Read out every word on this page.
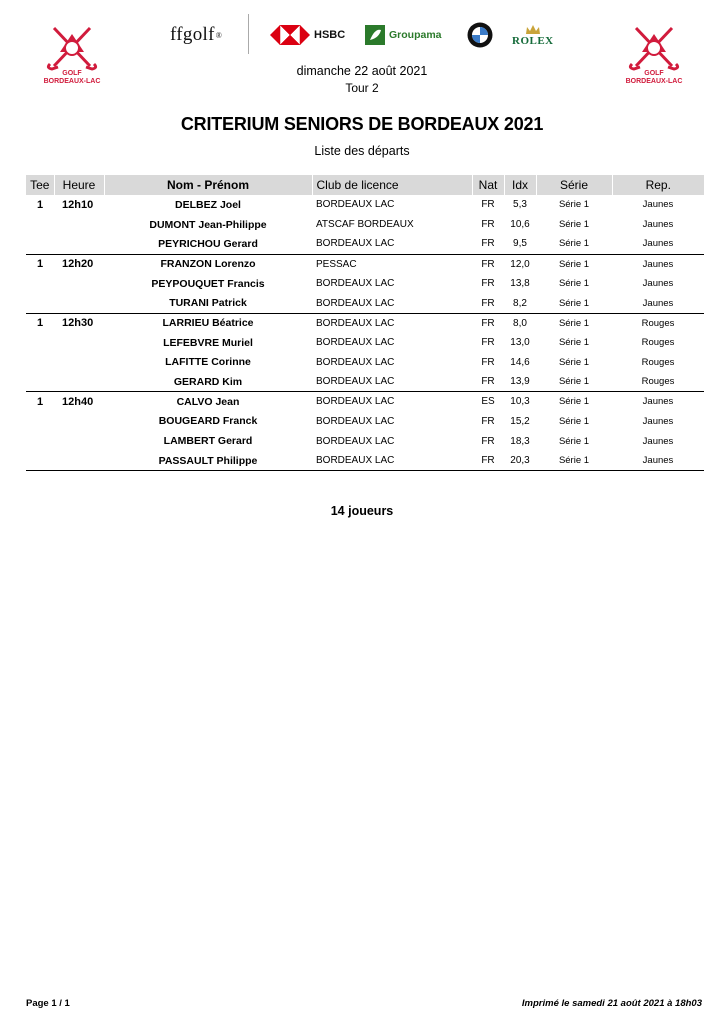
GOLF
BORDEAUX-LAC
GOLF
BORDEAUX-LAC
ffgolf ®	HSBC	Groupama	ROLEX
dimanche 22 août 2021
Tour 2
CRITERIUM SENIORS DE BORDEAUX 2021
Liste des départs
Tee	Heure	Nom - Prénom	Club de licence	Nat	Idx	Série	Rep.
1	12h10	DELBEZ Joel	BORDEAUX LAC	FR	5,3	Série 1	Jaunes
		DUMONT Jean-Philippe	ATSCAF BORDEAUX	FR	10,6	Série 1	Jaunes
		PEYRICHOU Gerard	BORDEAUX LAC	FR	9,5	Série 1	Jaunes
1	12h20	FRANZON Lorenzo	PESSAC	FR	12,0	Série 1	Jaunes
		PEYPOUQUET Francis	BORDEAUX LAC	FR	13,8	Série 1	Jaunes
		TURANI Patrick	BORDEAUX LAC	FR	8,2	Série 1	Jaunes
1	12h30	LARRIEU Béatrice	BORDEAUX LAC	FR	8,0	Série 1	Rouges
		LEFEBVRE Muriel	BORDEAUX LAC	FR	13,0	Série 1	Rouges
		LAFITTE Corinne	BORDEAUX LAC	FR	14,6	Série 1	Rouges
		GERARD Kim	BORDEAUX LAC	FR	13,9	Série 1	Rouges
1	12h40	CALVO Jean	BORDEAUX LAC	ES	10,3	Série 1	Jaunes
		BOUGEARD Franck	BORDEAUX LAC	FR	15,2	Série 1	Jaunes
		LAMBERT Gerard	BORDEAUX LAC	FR	18,3	Série 1	Jaunes
		PASSAULT Philippe	BORDEAUX LAC	FR	20,3	Série 1	Jaunes
14 joueurs
Page 1 / 1	Imprimé le samedi 21 août 2021 à 18h03
